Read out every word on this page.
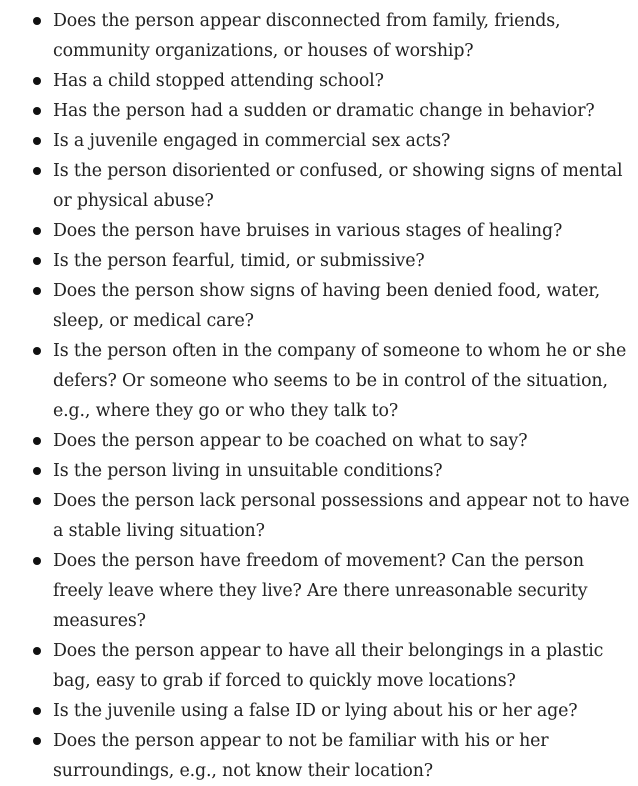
Does the person appear disconnected from family, friends, community organizations, or houses of worship?
Has a child stopped attending school?
Has the person had a sudden or dramatic change in behavior?
Is a juvenile engaged in commercial sex acts?
Is the person disoriented or confused, or showing signs of mental or physical abuse?
Does the person have bruises in various stages of healing?
Is the person fearful, timid, or submissive?
Does the person show signs of having been denied food, water, sleep, or medical care?
Is the person often in the company of someone to whom he or she defers? Or someone who seems to be in control of the situation, e.g., where they go or who they talk to?
Does the person appear to be coached on what to say?
Is the person living in unsuitable conditions?
Does the person lack personal possessions and appear not to have a stable living situation?
Does the person have freedom of movement? Can the person freely leave where they live? Are there unreasonable security measures?
Does the person appear to have all their belongings in a plastic bag, easy to grab if forced to quickly move locations?
Is the juvenile using a false ID or lying about his or her age?
Does the person appear to not be familiar with his or her surroundings, e.g., not know their location?
